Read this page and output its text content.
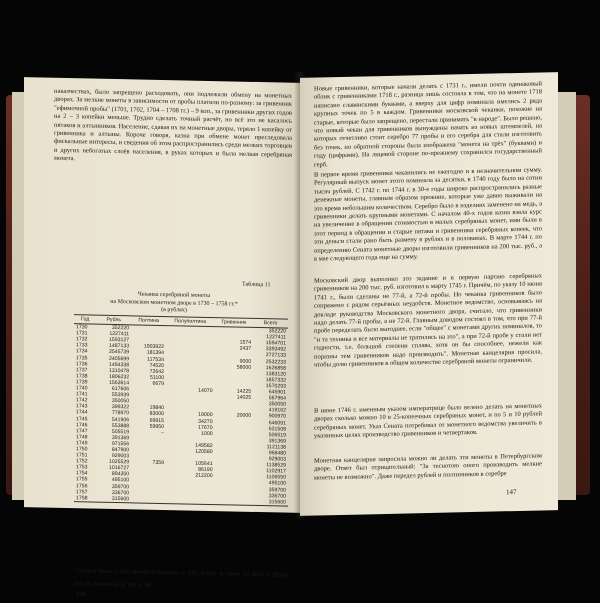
наказчествах, было запрещено расходовать, они подлежали обмену на монетных дворах. За мелкие монеты в зависимости от пробы платили по-разному: за гривенник "ефимочной пробы" (1701, 1702, 1704 – 1708 гг.) – 9 коп., за гривенники других годов на 2 – 3 копейки меньше. Трудно сделать точный расчёт, но всё это не касалось пятаков и алтынников. Население, сдавая их на монетные дворы, теряло 1 копейку от гривенника и алтыны. Короче говоря, казна при обмене монет преследовала фискальные интересы, и сведения об этом распространились среди мелких торговцев и других небогатых слоёв населения, в руках которых и была мелкая серебряная монета.

Таблица 11
Чеканка серебряной монеты
на Московском монетном дворе в 1730 – 1758 гг.*
(в рублях)
Год	Рубль	Полтина	Полуполтина	Гривенник	Всего
1730	352220				352220
1731	1227411				1227411
1732	1593127			1574	1594701
1733	1487133	1903922		2437	3393492
1734	2545739	181394			2727133
1735	2405699	117534		9000	2532233
1736	1494338	74520		58000	1626858
1737	1310478	72642			1383120
1738	1806232	51100			1857332
1739	1563614	6679			1570293
1740	617606		14070	14225	645901
1741	553939			14025	567964
1742	350050				350050
1743	399322	19840			419162
1744	778970	83000	19000	20000	900970
1745	541906	69915	34270		646091
1746	553888	59950	17670		631508
1747	505519	–	1000		506519
1748	391369				391369
1749	971556		149582		1121138
1750	847900		120580		968480
1751	929003				929003
1752	1025529	7359	105641		1138529
1753	1016727		86190		1102917
1754	894350		212200		1106550
1755	495100				495100
1756	359700				359700
1757	336700				336700
1758	315600				315600
* Монеты Анны. С. 215; Монеты Елизаветы. С. 273; ЦГАДА. Ф. Сенат. Кн. 3554. Л. 359 об. –
373 об. (Финансы). Д. 165. Л. 48.
146

Новые гривенники, которые начали делать с 1731 г., имели почти одинаковый облик с гривенниками 1718 г., разница лишь состояла в том, что на монете 1718 написано славянскими буквами, а вверху для цифр номинала имелись 2 ряда крупных точек по 5 в каждом. Гривенники московской чеканки, похожие на старые, которые было запрещено, перестали принимать "в народе". Было решено, что новый чекан для гривенников вынуждены начать из новых штемпелей, на которых отчетливо стоит серебро 77 пробы и его серебра для стали изготовить без точек, но обратной стороны была изображена "монета на трёх" (буквами) и году (цифрами). На лицевой стороне по-прежнему сохранился государственный герб.

В первое время гривенники чеканились не ежегодно и в незначительном сумму. Регулярный выпуск монет этого номинала за десятки, в 1740 году было на сотни тысяч рублей. С 1742 г. по 1744 г. в 30-е годы широко распространились разные денежные монеты, главным образом прежние, которые уже давно выживали на это время небольшим количеством. Серебро было в изделиях заменено на медь, а гривенники делать крупными монетами. С началом 40-х годов казна взяла курс на увеличение в обращении стоимостью в малых серебряных монет, ими были в этот период в обращении и старые пятаки и гривенники серебряных копеек, что эти деньги стали рано быть размену в рублях и в половинах. В марте 1744 г. по определению Сената монетные дворы изготовили гривенников на 200 тыс. руб., а в мае следующего года еще на сумму.

Московский двор выполнил это задание и в первую партию серебряных гривенников на 200 тыс. руб. изготовил к марту 1745 г. Причём, по указу 10 июня 1741 г., были сделаны не 77-й, а 72-й пробы. Но чеканка гривенников было сопряжено с рядом серьёзных неудобств. Монетное ведомство, основываясь на докладе руководства Московского монетного двора, считало, что гривенники надо делать 77-й пробы, а не 72-й. Главным доводом состоял в том, что при 77-й пробе переделать было выгоднее, если "общее" с монетами других номиналов, то "и та техника и все материалы не тратились на это", а при 72-й пробе у стали нет годности, т.е. большой степени сплава, хотя он бы способнее, нежели как поразны тем гривенников надо производить". Монетная канцелярия просила, чтобы долю гривенников в общем количестве серебряной монеты ограничили.

В июне 1746 г. именным указом императрице было велено делать на монетных дворах сколько можно 10 в 25-копеечных серебряных монет, и по 5 и 10 рублей серебряных монет. Указ Сената потребовал от монетного ведомства увеличить в указанных целях производство гривенников и четвертаков.

Монетная канцелярия запросила можно ли делать эти монеты в Петербургском дворе. Ответ был отрицательный: "За теснотою оного производить мелкие монеты не возможно". Даже передел рублей и полтинников в серебре

147
